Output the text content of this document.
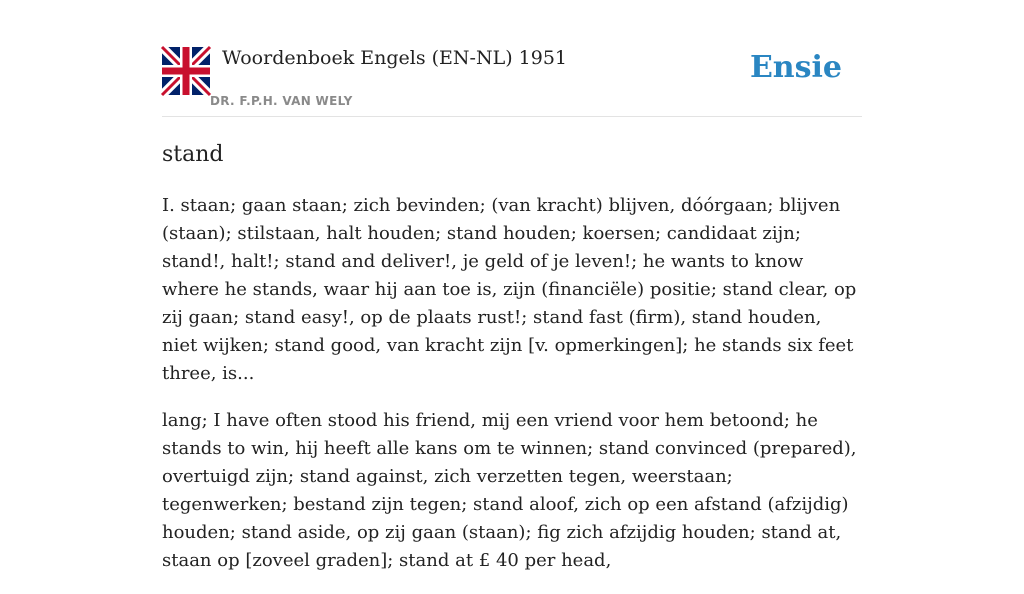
Woordenboek Engels (EN-NL) 1951
DR. F.P.H. VAN WELY
Ensie
stand

I. staan; gaan staan; zich bevinden; (van kracht) blijven, dóórgaan; blijven (staan); stilstaan, halt houden; stand houden; koersen; candidaat zijn; stand!, halt!; stand and deliver!, je geld of je leven!; he wants to know where he stands, waar hij aan toe is, zijn (financiële) positie; stand clear, op zij gaan; stand easy!, op de plaats rust!; stand fast (firm), stand houden, niet wijken; stand good, van kracht zijn [v. opmerkingen]; he stands six feet three, is...

lang; I have often stood his friend, mij een vriend voor hem betoond; he stands to win, hij heeft alle kans om te winnen; stand convinced (prepared), overtuigd zijn; stand against, zich verzetten tegen, weerstaan; tegenwerken; bestand zijn tegen; stand aloof, zich op een afstand (afzijdig) houden; stand aside, op zij gaan (staan); fig zich afzijdig houden; stand at, staan op [zoveel graden]; stand at £ 40 per head,
